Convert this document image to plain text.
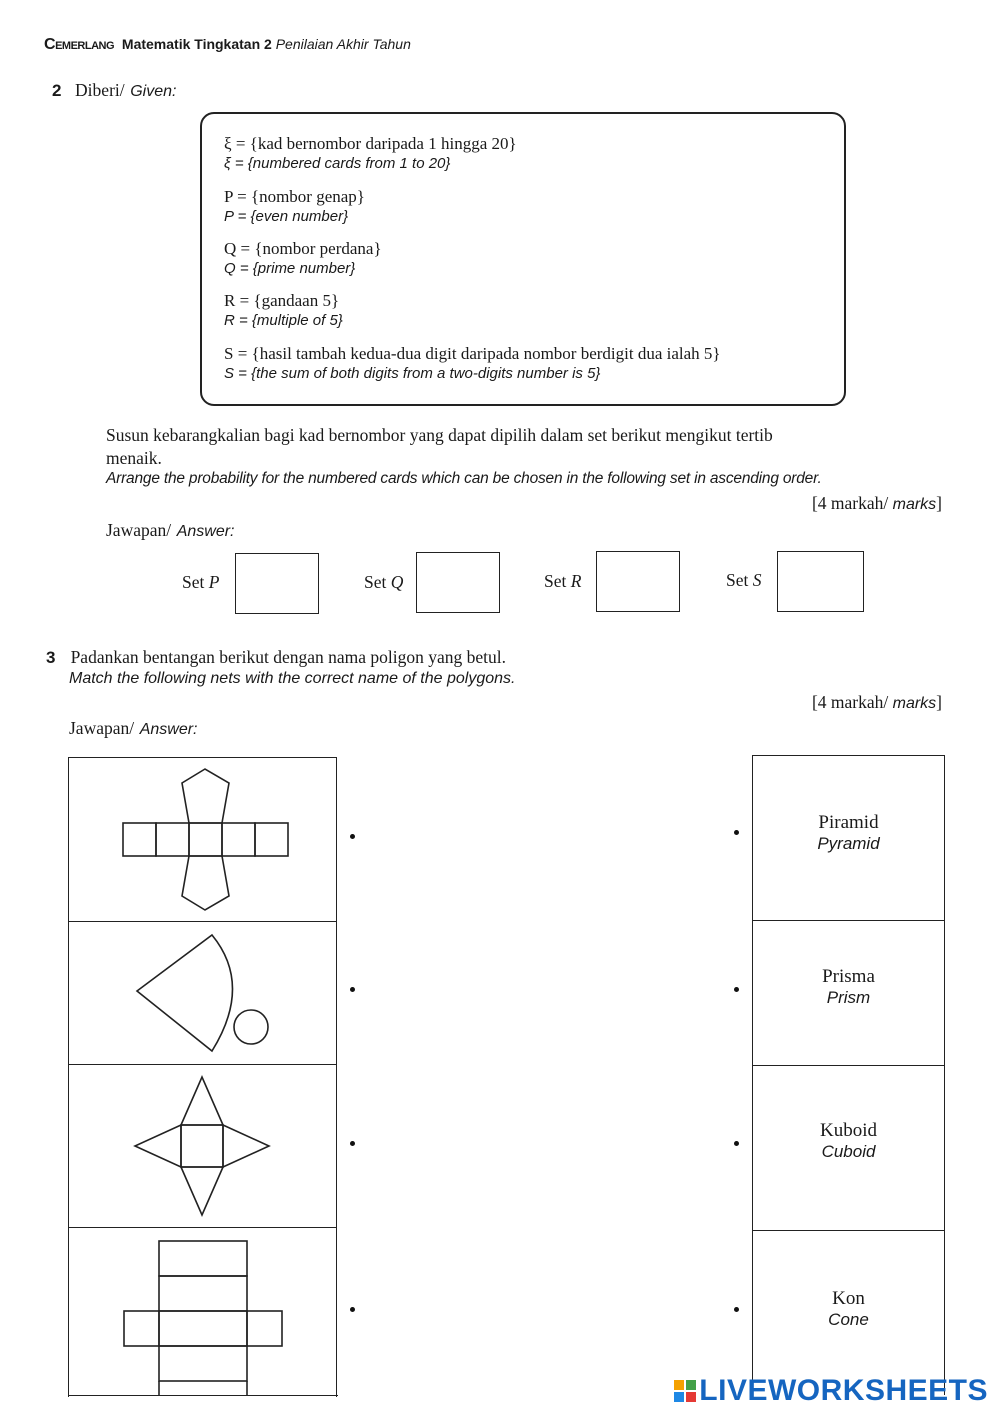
CEMERLANG Matematik Tingkatan 2 Penilaian Akhir Tahun
2 Diberi/ Given:
ξ = {kad bernombor daripada 1 hingga 20}
ξ = {numbered cards from 1 to 20}
P = {nombor genap}
P = {even number}
Q = {nombor perdana}
Q = {prime number}
R = {gandaan 5}
R = {multiple of 5}
S = {hasil tambah kedua-dua digit daripada nombor berdigit dua ialah 5}
S = {the sum of both digits from a two-digits number is 5}
Susun kebarangkalian bagi kad bernombor yang dapat dipilih dalam set berikut mengikut tertib
menaik.
Arrange the probability for the numbered cards which can be chosen in the following set in ascending order.
[4 markah/ marks]
Jawapan/ Answer:
Set P	Set Q	Set R	Set S
3 Padankan bentangan berikut dengan nama poligon yang betul.
Match the following nets with the correct name of the polygons.
[4 markah/ marks]
Jawapan/ Answer:
Piramid
Pyramid
Prisma
Prism
Kuboid
Cuboid
Kon
Cone
LIVEWORKSHEETS
